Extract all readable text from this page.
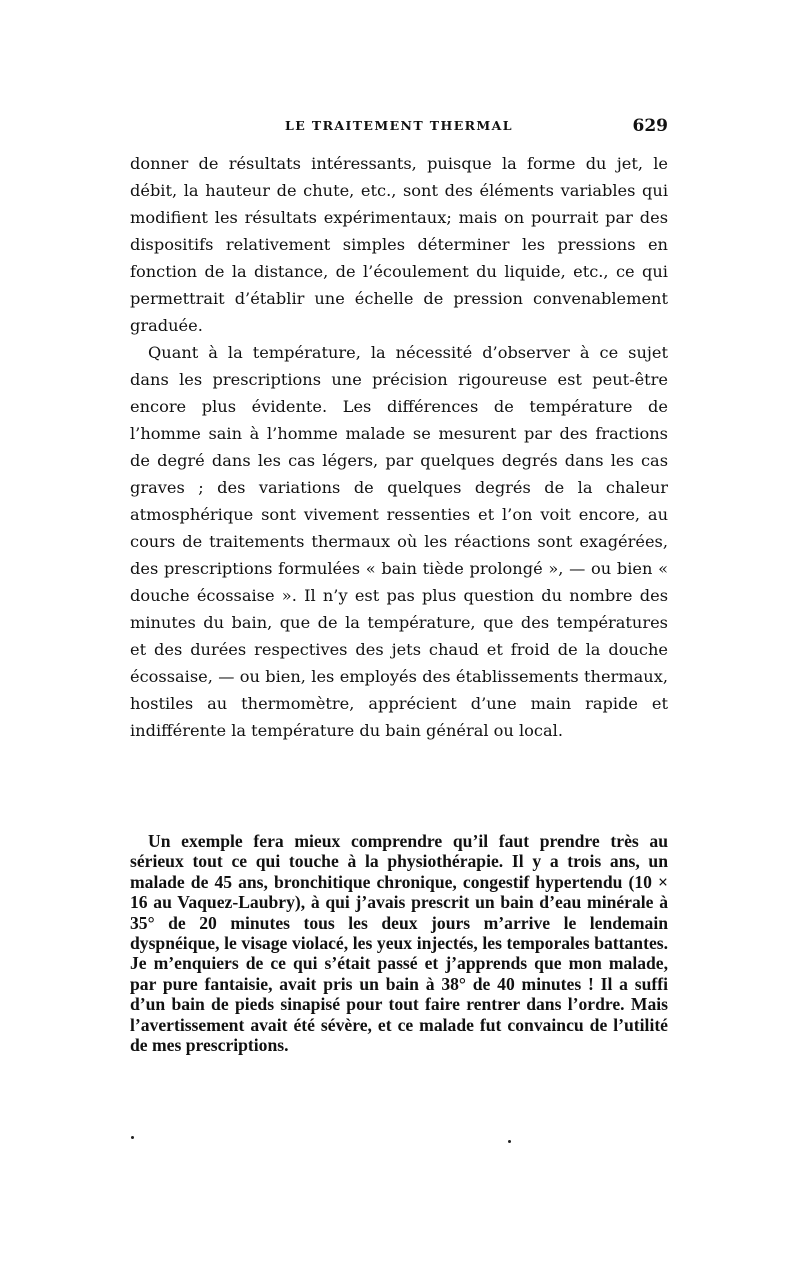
LE TRAITEMENT THERMAL	629

donner de résultats intéressants, puisque la forme du jet, le débit, la hauteur de chute, etc., sont des éléments variables qui modifient les résultats expérimentaux; mais on pourrait par des dispositifs relativement simples déterminer les pressions en fonction de la distance, de l’écoulement du liquide, etc., ce qui permettrait d’établir une échelle de pression convenablement graduée.

Quant à la température, la nécessité d’observer à ce sujet dans les prescriptions une précision rigoureuse est peut-être encore plus évidente. Les différences de température de l’homme sain à l’homme malade se mesurent par des fractions de degré dans les cas légers, par quelques degrés dans les cas graves ; des variations de quelques degrés de la chaleur atmosphérique sont vivement ressenties et l’on voit encore, au cours de traitements thermaux où les réactions sont exagérées, des prescriptions formulées « bain tiède prolongé », — ou bien « douche écossaise ». Il n’y est pas plus question du nombre des minutes du bain, que de la température, que des températures et des durées respectives des jets chaud et froid de la douche écossaise, — ou bien, les employés des établissements thermaux, hostiles au thermomètre, apprécient d’une main rapide et indifférente la température du bain général ou local.

Un exemple fera mieux comprendre qu’il faut prendre très au sérieux tout ce qui touche à la physiothérapie. Il y a trois ans, un malade de 45 ans, bronchitique chronique, congestif hypertendu (10 × 16 au Vaquez-Laubry), à qui j’avais prescrit un bain d’eau minérale à 35° de 20 minutes tous les deux jours m’arrive le lendemain dyspnéique, le visage violacé, les yeux injectés, les temporales battantes. Je m’enquiers de ce qui s’était passé et j’apprends que mon malade, par pure fantaisie, avait pris un bain à 38° de 40 minutes ! Il a suffi d’un bain de pieds sinapisé pour tout faire rentrer dans l’ordre. Mais l’avertissement avait été sévère, et ce malade fut convaincu de l’utilité de mes prescriptions.
